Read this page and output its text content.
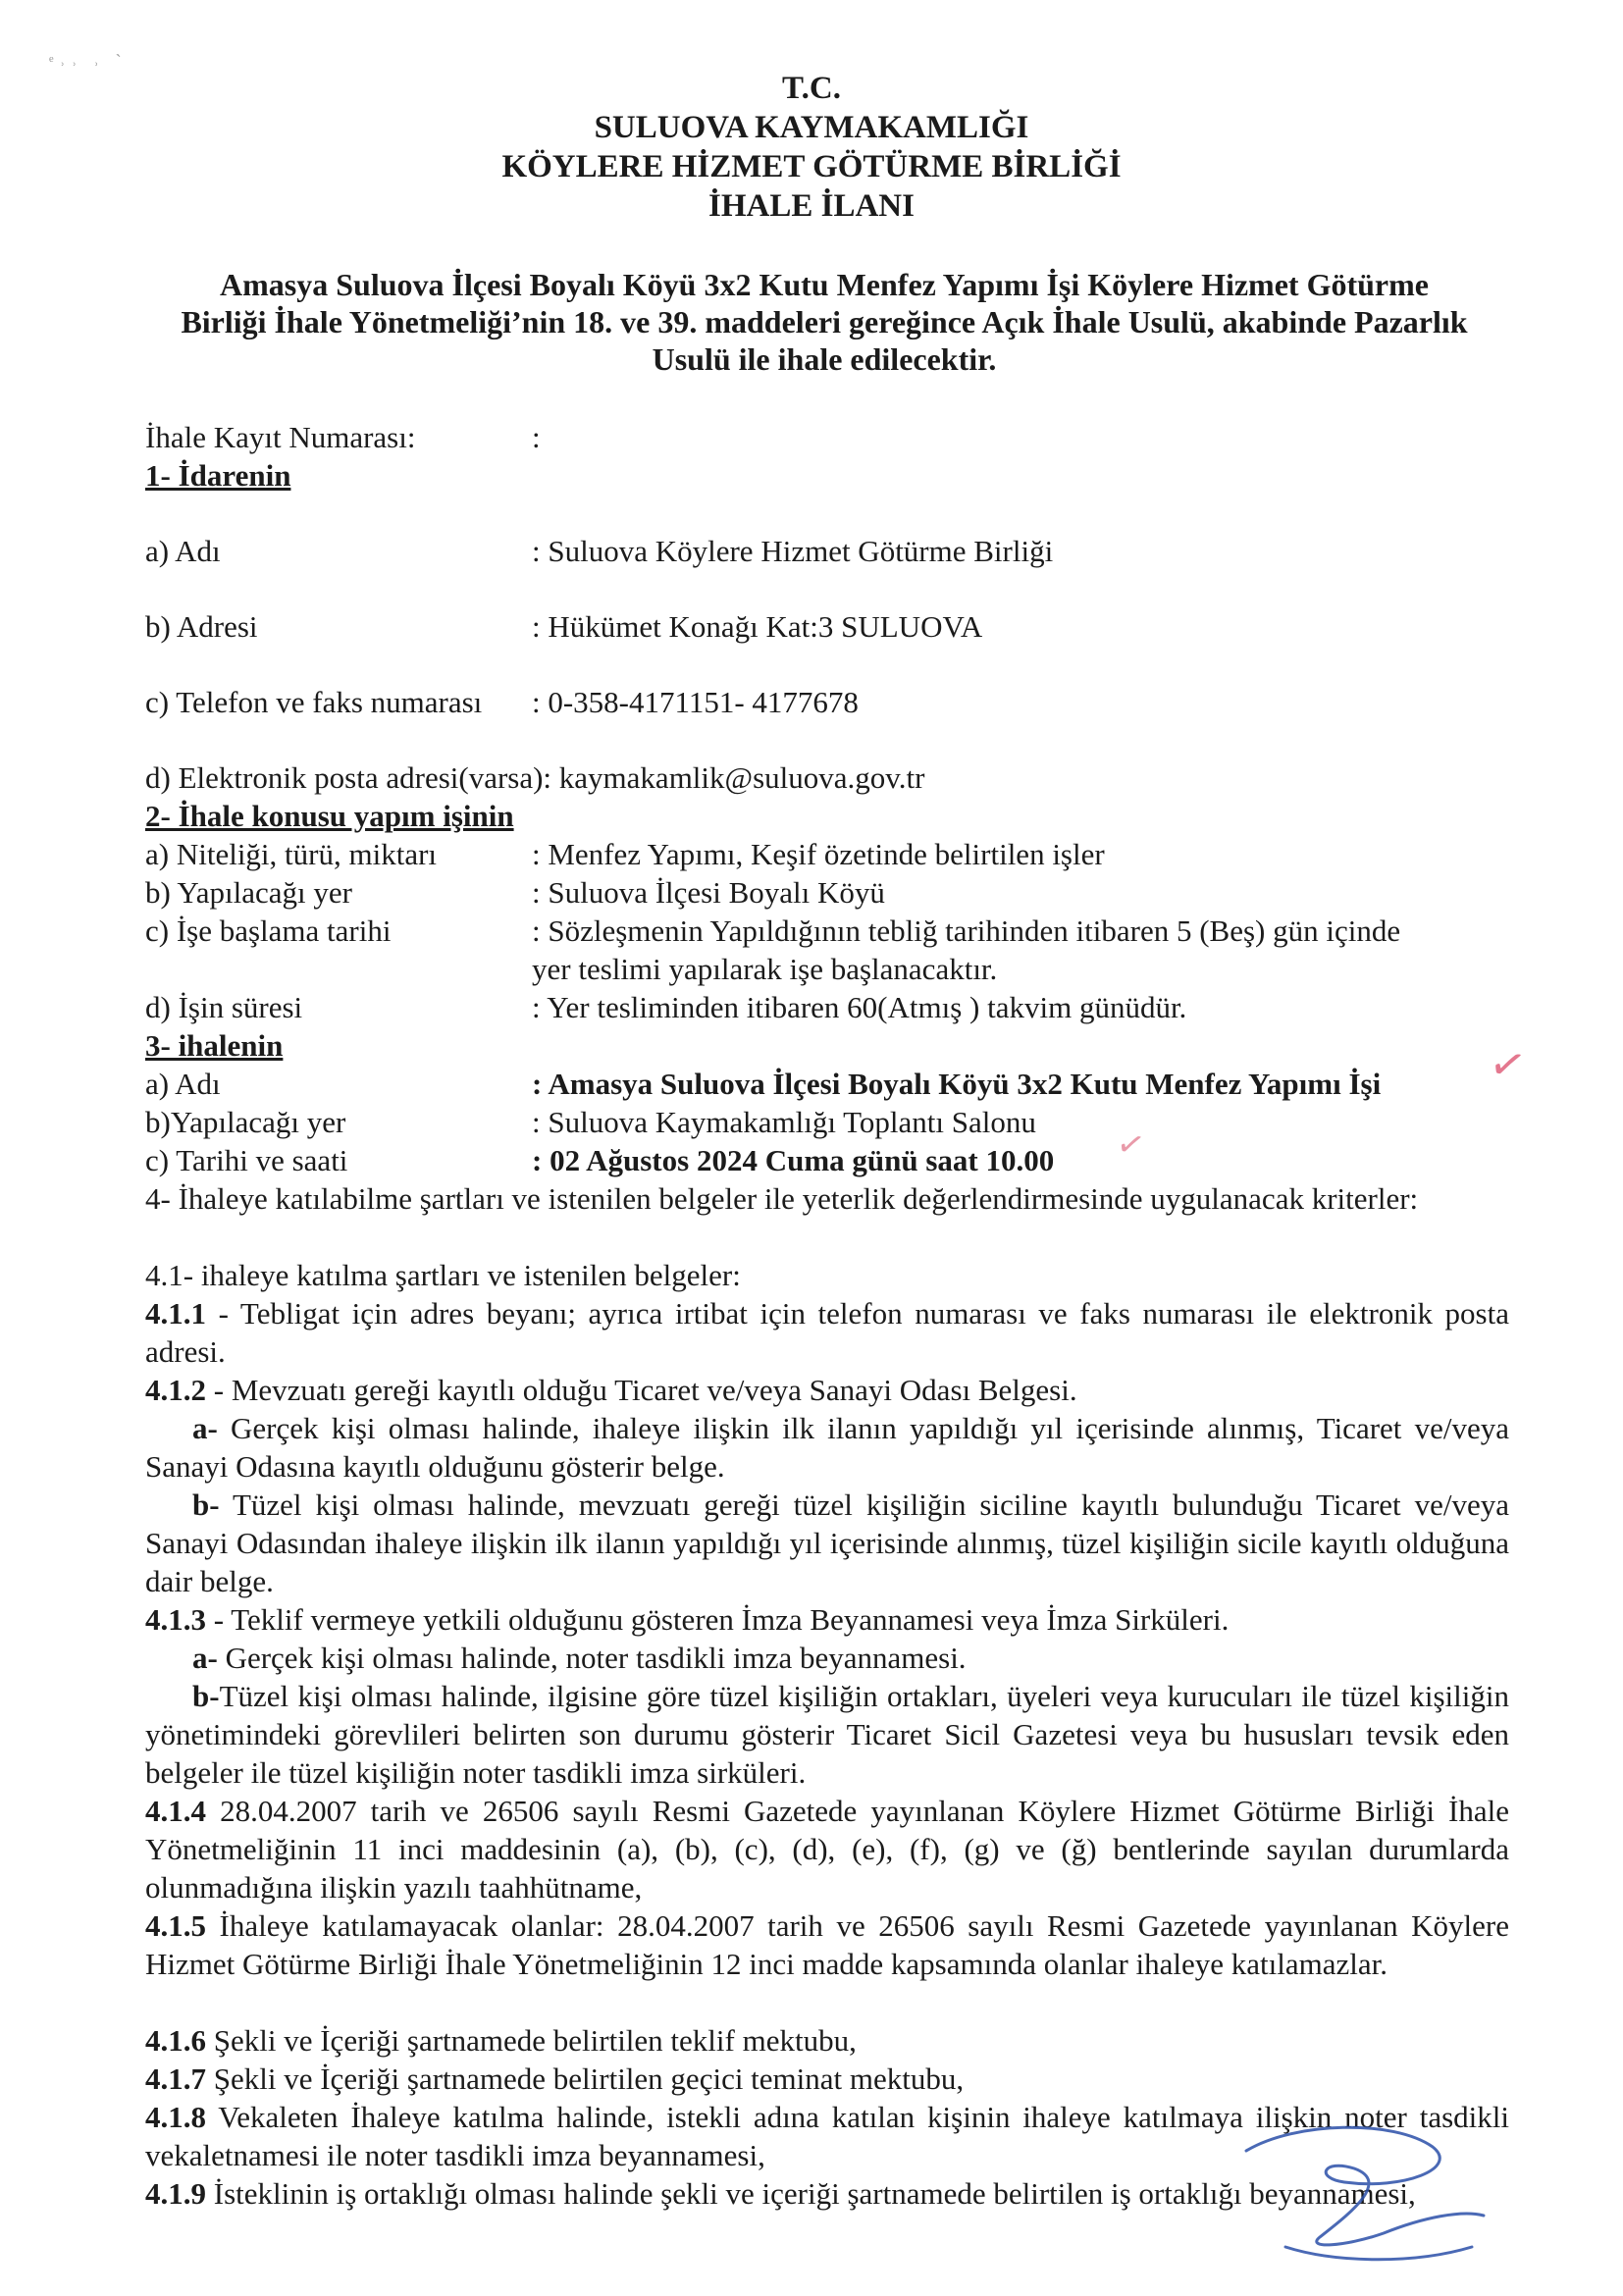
ᵉ˒˒ ˒ ˋ
T.C.
SULUOVA KAYMAKAMLIĞI
KÖYLERE HİZMET GÖTÜRME BİRLİĞİ
İHALE İLANI
Amasya Suluova İlçesi Boyalı Köyü 3x2 Kutu Menfez Yapımı İşi Köylere Hizmet Götürme
Birliği İhale Yönetmeliği’nin 18. ve 39. maddeleri gereğince Açık İhale Usulü, akabinde Pazarlık
Usulü ile ihale edilecektir.
İhale Kayıt Numarası:	:
1- İdarenin
a) Adı	: Suluova Köylere Hizmet Götürme Birliği
b) Adresi	: Hükümet Konağı Kat:3 SULUOVA
c) Telefon ve faks numarası : 0-358-4171151- 4177678
d) Elektronik posta adresi(varsa): kaymakamlik@suluova.gov.tr
2- İhale konusu yapım işinin
a) Niteliği, türü, miktarı	: Menfez Yapımı, Keşif özetinde belirtilen işler
b) Yapılacağı yer	: Suluova İlçesi Boyalı Köyü
c) İşe başlama tarihi	: Sözleşmenin Yapıldığının tebliğ tarihinden itibaren 5 (Beş) gün içinde
yer teslimi yapılarak işe başlanacaktır.
d) İşin süresi	: Yer tesliminden itibaren 60(Atmış ) takvim günüdür.
3- ihalenin
a) Adı	: Amasya Suluova İlçesi Boyalı Köyü 3x2 Kutu Menfez Yapımı İşi ✓
b)Yapılacağı yer	: Suluova Kaymakamlığı Toplantı Salonu
c) Tarihi ve saati	: 02 Ağustos 2024 Cuma günü saat 10.00 ✓
4- İhaleye katılabilme şartları ve istenilen belgeler ile yeterlik değerlendirmesinde uygulanacak kriterler:
4.1- ihaleye katılma şartları ve istenilen belgeler:
4.1.1 - Tebligat için adres beyanı; ayrıca irtibat için telefon numarası ve faks numarası ile elektronik posta adresi.
4.1.2 - Mevzuatı gereği kayıtlı olduğu Ticaret ve/veya Sanayi Odası Belgesi.
a- Gerçek kişi olması halinde, ihaleye ilişkin ilk ilanın yapıldığı yıl içerisinde alınmış, Ticaret ve/veya Sanayi Odasına kayıtlı olduğunu gösterir belge.
b- Tüzel kişi olması halinde, mevzuatı gereği tüzel kişiliğin siciline kayıtlı bulunduğu Ticaret ve/veya Sanayi Odasından ihaleye ilişkin ilk ilanın yapıldığı yıl içerisinde alınmış, tüzel kişiliğin sicile kayıtlı olduğuna dair belge.
4.1.3 - Teklif vermeye yetkili olduğunu gösteren İmza Beyannamesi veya İmza Sirküleri.
a- Gerçek kişi olması halinde, noter tasdikli imza beyannamesi.
b-Tüzel kişi olması halinde, ilgisine göre tüzel kişiliğin ortakları, üyeleri veya kurucuları ile tüzel kişiliğin yönetimindeki görevlileri belirten son durumu gösterir Ticaret Sicil Gazetesi veya bu hususları tevsik eden belgeler ile tüzel kişiliğin noter tasdikli imza sirküleri.
4.1.4 28.04.2007 tarih ve 26506 sayılı Resmi Gazetede yayınlanan Köylere Hizmet Götürme Birliği İhale Yönetmeliğinin 11 inci maddesinin (a), (b), (c), (d), (e), (f), (g) ve (ğ) bentlerinde sayılan durumlarda olunmadığına ilişkin yazılı taahhütname,
4.1.5 İhaleye katılamayacak olanlar: 28.04.2007 tarih ve 26506 sayılı Resmi Gazetede yayınlanan Köylere Hizmet Götürme Birliği İhale Yönetmeliğinin 12 inci madde kapsamında olanlar ihaleye katılamazlar.
4.1.6 Şekli ve İçeriği şartnamede belirtilen teklif mektubu,
4.1.7 Şekli ve İçeriği şartnamede belirtilen geçici teminat mektubu,
4.1.8 Vekaleten İhaleye katılma halinde, istekli adına katılan kişinin ihaleye katılmaya ilişkin noter tasdikli vekaletnamesi ile noter tasdikli imza beyannamesi,
4.1.9 İsteklinin iş ortaklığı olması halinde şekli ve içeriği şartnamede belirtilen iş ortaklığı beyannamesi,
